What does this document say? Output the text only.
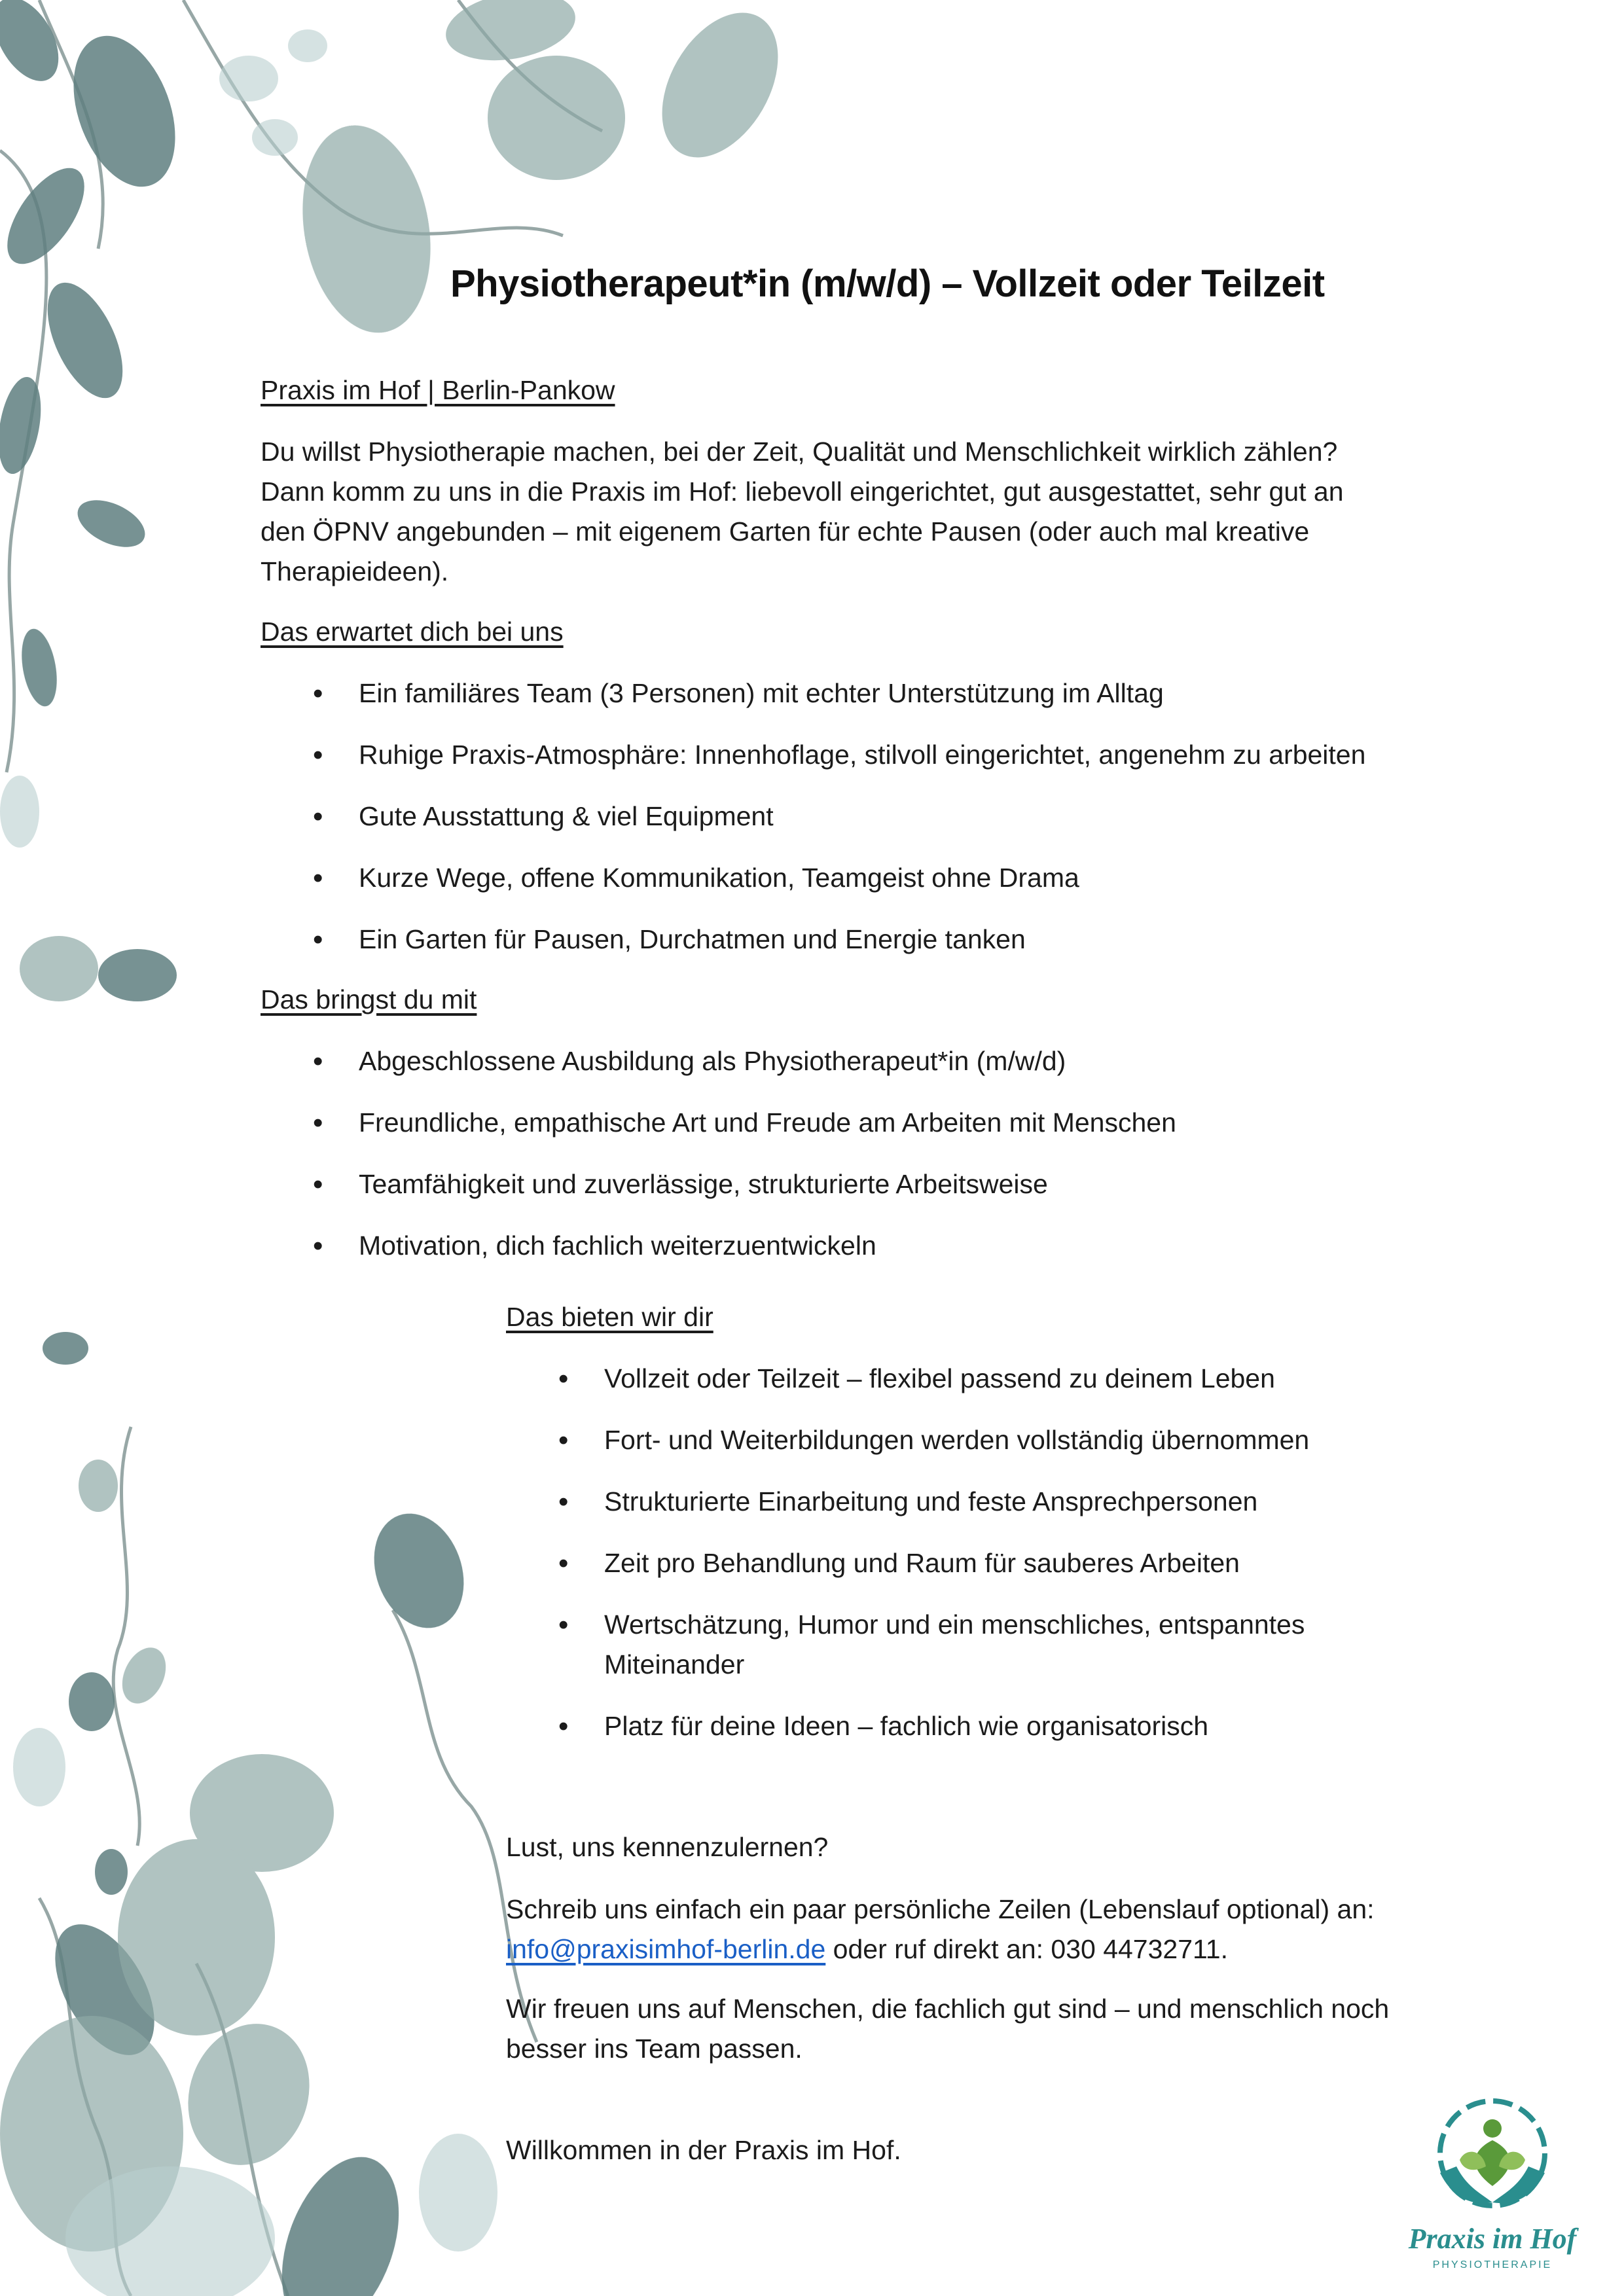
Physiotherapeut*in (m/w/d) – Vollzeit oder Teilzeit

Praxis im Hof | Berlin-Pankow

Du willst Physiotherapie machen, bei der Zeit, Qualität und Menschlichkeit wirklich zählen?

Dann komm zu uns in die Praxis im Hof: liebevoll eingerichtet, gut ausgestattet, sehr gut an

den ÖPNV angebunden – mit eigenem Garten für echte Pausen (oder auch mal kreative

Therapieideen).

Das erwartet dich bei uns

• Ein familiäres Team (3 Personen) mit echter Unterstützung im Alltag
• Ruhige Praxis-Atmosphäre: Innenhoflage, stilvoll eingerichtet, angenehm zu arbeiten
• Gute Ausstattung & viel Equipment
• Kurze Wege, offene Kommunikation, Teamgeist ohne Drama
• Ein Garten für Pausen, Durchatmen und Energie tanken

Das bringst du mit

• Abgeschlossene Ausbildung als Physiotherapeut*in (m/w/d)
• Freundliche, empathische Art und Freude am Arbeiten mit Menschen
• Teamfähigkeit und zuverlässige, strukturierte Arbeitsweise
• Motivation, dich fachlich weiterzuentwickeln

Das bieten wir dir

• Vollzeit oder Teilzeit – flexibel passend zu deinem Leben
• Fort- und Weiterbildungen werden vollständig übernommen
• Strukturierte Einarbeitung und feste Ansprechpersonen
• Zeit pro Behandlung und Raum für sauberes Arbeiten
• Wertschätzung, Humor und ein menschliches, entspanntes
Miteinander
• Platz für deine Ideen – fachlich wie organisatorisch

Lust, uns kennenzulernen?

Schreib uns einfach ein paar persönliche Zeilen (Lebenslauf optional) an:

info@praxisimhof-berlin.de oder ruf direkt an: 030 44732711.

Wir freuen uns auf Menschen, die fachlich gut sind – und menschlich noch

besser ins Team passen.

Willkommen in der Praxis im Hof.

Praxis im Hof
PHYSIOTHERAPIE
